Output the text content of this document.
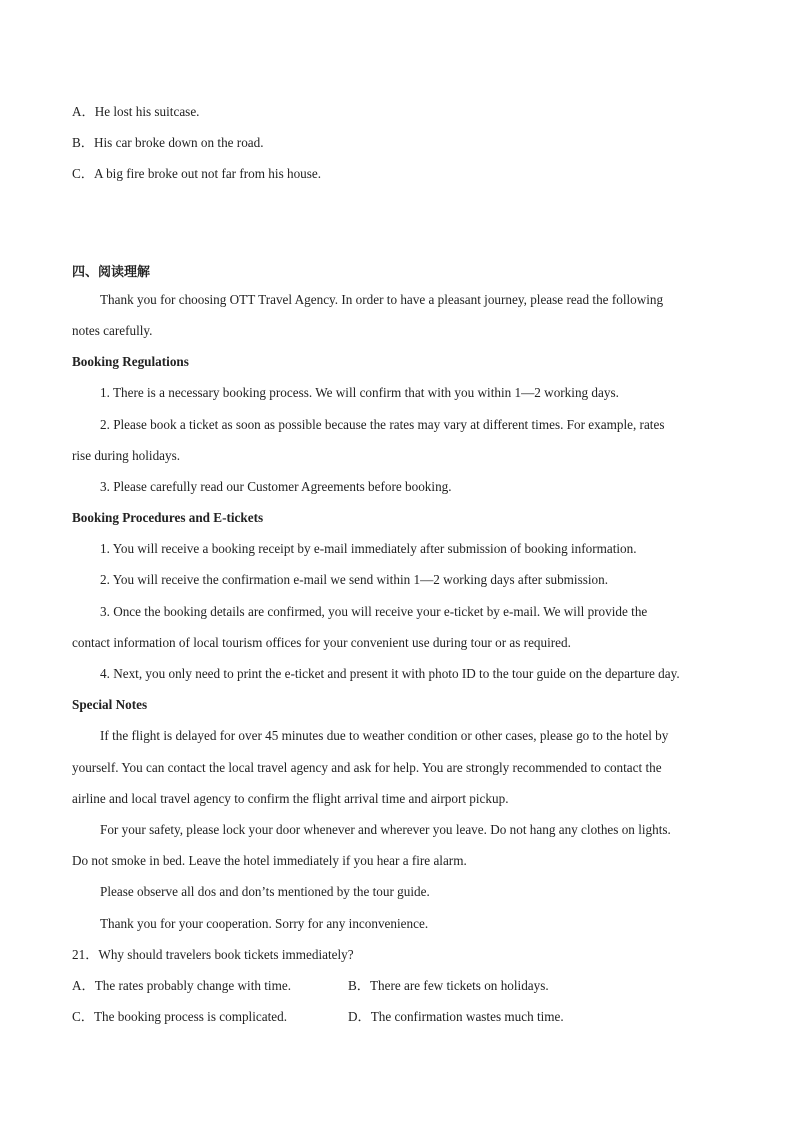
A．He lost his suitcase.
B．His car broke down on the road.
C．A big fire broke out not far from his house.
四、阅读理解
Thank you for choosing OTT Travel Agency. In order to have a pleasant journey, please read the following
notes carefully.
Booking Regulations
1. There is a necessary booking process. We will confirm that with you within 1—2 working days.
2. Please book a ticket as soon as possible because the rates may vary at different times. For example, rates
rise during holidays.
3. Please carefully read our Customer Agreements before booking.
Booking Procedures and E-tickets
1. You will receive a booking receipt by e-mail immediately after submission of booking information.
2. You will receive the confirmation e-mail we send within 1—2 working days after submission.
3. Once the booking details are confirmed, you will receive your e-ticket by e-mail. We will provide the
contact information of local tourism offices for your convenient use during tour or as required.
4. Next, you only need to print the e-ticket and present it with photo ID to the tour guide on the departure day.
Special Notes
If the flight is delayed for over 45 minutes due to weather condition or other cases, please go to the hotel by
yourself. You can contact the local travel agency and ask for help. You are strongly recommended to contact the
airline and local travel agency to confirm the flight arrival time and airport pickup.
For your safety, please lock your door whenever and wherever you leave. Do not hang any clothes on lights.
Do not smoke in bed. Leave the hotel immediately if you hear a fire alarm.
Please observe all dos and don’ts mentioned by the tour guide.
Thank you for your cooperation. Sorry for any inconvenience.
21．Why should travelers book tickets immediately?
A．The rates probably change with time.	B．There are few tickets on holidays.
C．The booking process is complicated.	D．The confirmation wastes much time.
